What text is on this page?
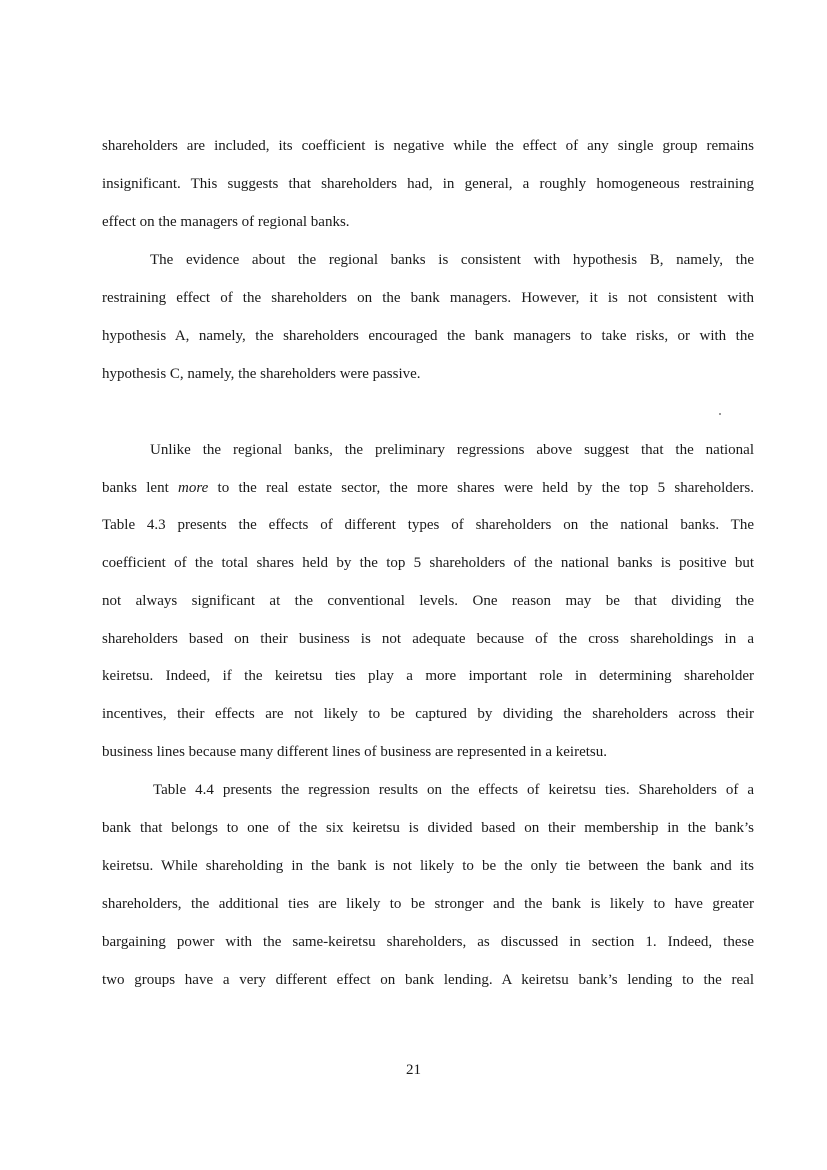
shareholders are included, its coefficient is negative while the effect of any single group remains
insignificant. This suggests that shareholders had, in general, a roughly homogeneous restraining
effect on the managers of regional banks.
The evidence about the regional banks is consistent with hypothesis B, namely, the
restraining effect of the shareholders on the bank managers. However, it is not consistent with
hypothesis A, namely, the shareholders encouraged the bank managers to take risks, or with the
hypothesis C, namely, the shareholders were passive.
Unlike the regional banks, the preliminary regressions above suggest that the national
banks lent more to the real estate sector, the more shares were held by the top 5 shareholders.
Table 4.3 presents the effects of different types of shareholders on the national banks. The
coefficient of the total shares held by the top 5 shareholders of the national banks is positive but
not always significant at the conventional levels. One reason may be that dividing the
shareholders based on their business is not adequate because of the cross shareholdings in a
keiretsu. Indeed, if the keiretsu ties play a more important role in determining shareholder
incentives, their effects are not likely to be captured by dividing the shareholders across their
business lines because many different lines of business are represented in a keiretsu.
Table 4.4 presents the regression results on the effects of keiretsu ties. Shareholders of a
bank that belongs to one of the six keiretsu is divided based on their membership in the bank’s
keiretsu. While shareholding in the bank is not likely to be the only tie between the bank and its
shareholders, the additional ties are likely to be stronger and the bank is likely to have greater
bargaining power with the same-keiretsu shareholders, as discussed in section 1. Indeed, these
two groups have a very different effect on bank lending. A keiretsu bank’s lending to the real
21
